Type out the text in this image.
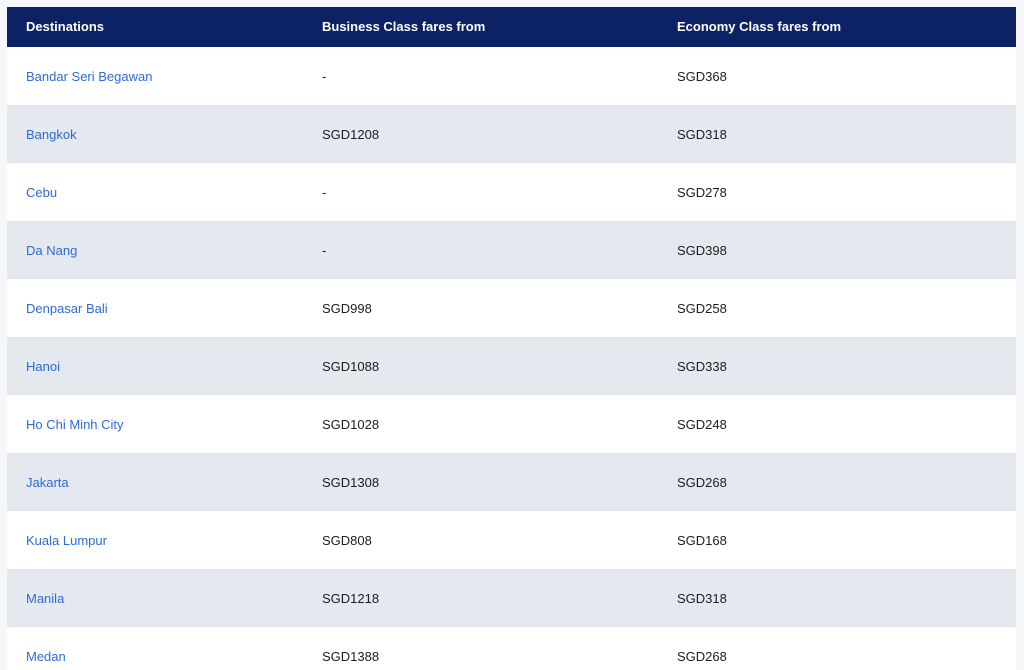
Destinations	Business Class fares from	Economy Class fares from
Bandar Seri Begawan	-	SGD368
Bangkok	SGD1208	SGD318
Cebu	-	SGD278
Da Nang	-	SGD398
Denpasar Bali	SGD998	SGD258
Hanoi	SGD1088	SGD338
Ho Chi Minh City	SGD1028	SGD248
Jakarta	SGD1308	SGD268
Kuala Lumpur	SGD808	SGD168
Manila	SGD1218	SGD318
Medan	SGD1388	SGD268
